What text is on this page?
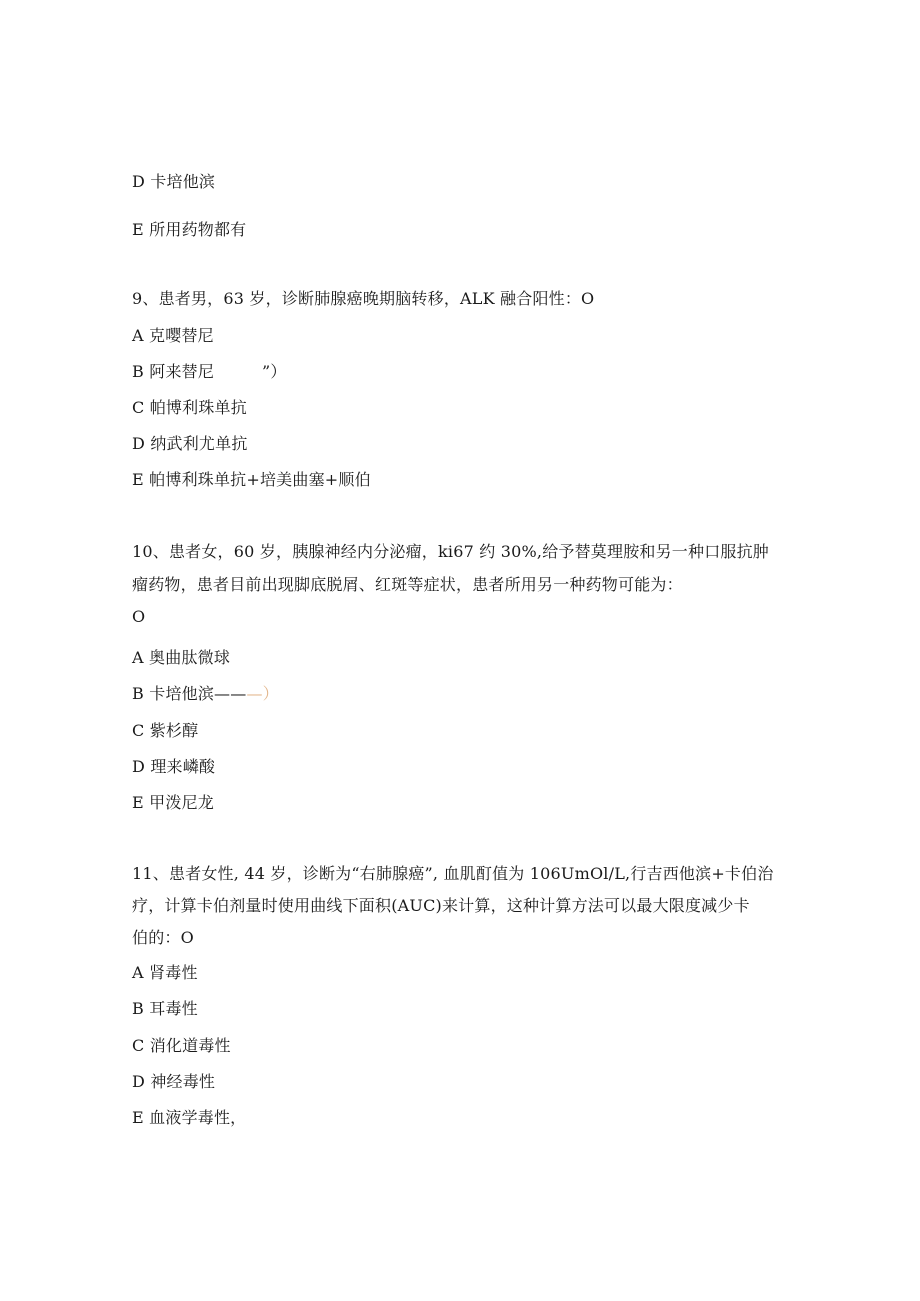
D 卡培他滨
E 所用药物都有
9、患者男，63 岁，诊断肺腺癌晚期脑转移，ALK 融合阳性：O
A 克嘤替尼
B 阿来替尼	”）
C 帕博利珠单抗
D 纳武利尤单抗
E 帕博利珠单抗+培美曲塞+顺伯
10、患者女，60 岁，胰腺神经内分泌瘤，ki67 约 30%,给予替莫理胺和另一种口服抗肿
瘤药物，患者目前出现脚底脱屑、红斑等症状，患者所用另一种药物可能为：
O
A 奥曲肽微球
B 卡培他滨———）
C 紫杉醇
D 理来嶙酸
E 甲泼尼龙
11、患者女性, 44 岁，诊断为“右肺腺癌”, 血肌酊值为 106UmOl/L,行吉西他滨+卡伯治
疗，计算卡伯剂量时使用曲线下面积(AUC)来计算，这种计算方法可以最大限度减少卡
伯的：O
A 肾毒性
B 耳毒性
C 消化道毒性
D 神经毒性
E 血液学毒性，
